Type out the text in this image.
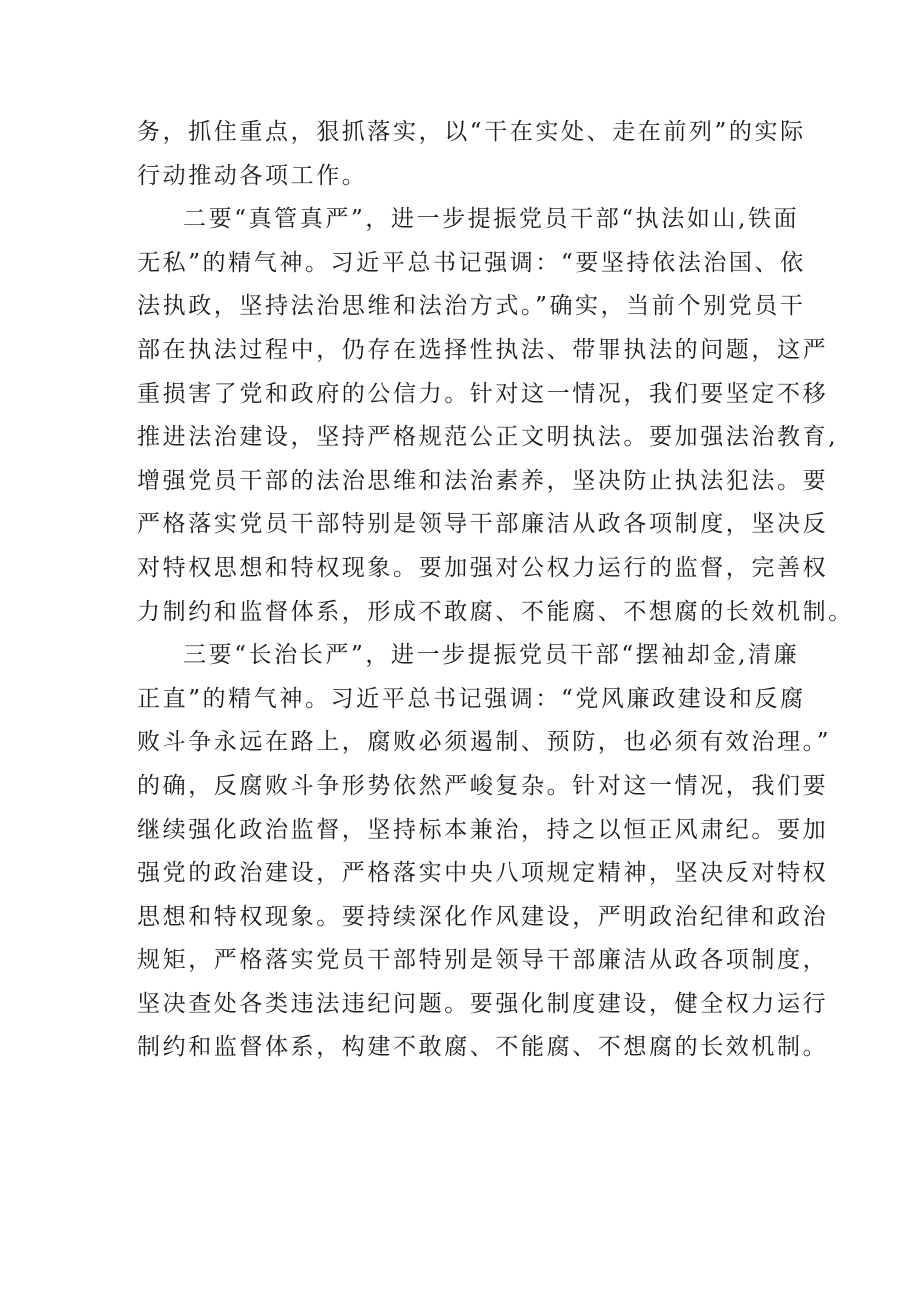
务，抓住重点，狠抓落实，以“干在实处、走在前列”的实际
行动推动各项工作。
二要“真管真严”，进一步提振党员干部“执法如山,铁面
无私”的精气神。习近平总书记强调：“要坚持依法治国、依
法执政，坚持法治思维和法治方式。”确实，当前个别党员干
部在执法过程中，仍存在选择性执法、带罪执法的问题，这严
重损害了党和政府的公信力。针对这一情况，我们要坚定不移
推进法治建设，坚持严格规范公正文明执法。要加强法治教育,
增强党员干部的法治思维和法治素养，坚决防止执法犯法。要
严格落实党员干部特别是领导干部廉洁从政各项制度，坚决反
对特权思想和特权现象。要加强对公权力运行的监督，完善权
力制约和监督体系，形成不敢腐、不能腐、不想腐的长效机制。
三要“长治长严”，进一步提振党员干部“摆袖却金,清廉
正直”的精气神。习近平总书记强调：“党风廉政建设和反腐
败斗争永远在路上，腐败必须遏制、预防，也必须有效治理。”
的确，反腐败斗争形势依然严峻复杂。针对这一情况，我们要
继续强化政治监督，坚持标本兼治，持之以恒正风肃纪。要加
强党的政治建设，严格落实中央八项规定精神，坚决反对特权
思想和特权现象。要持续深化作风建设，严明政治纪律和政治
规矩，严格落实党员干部特别是领导干部廉洁从政各项制度，
坚决查处各类违法违纪问题。要强化制度建设，健全权力运行
制约和监督体系，构建不敢腐、不能腐、不想腐的长效机制。
